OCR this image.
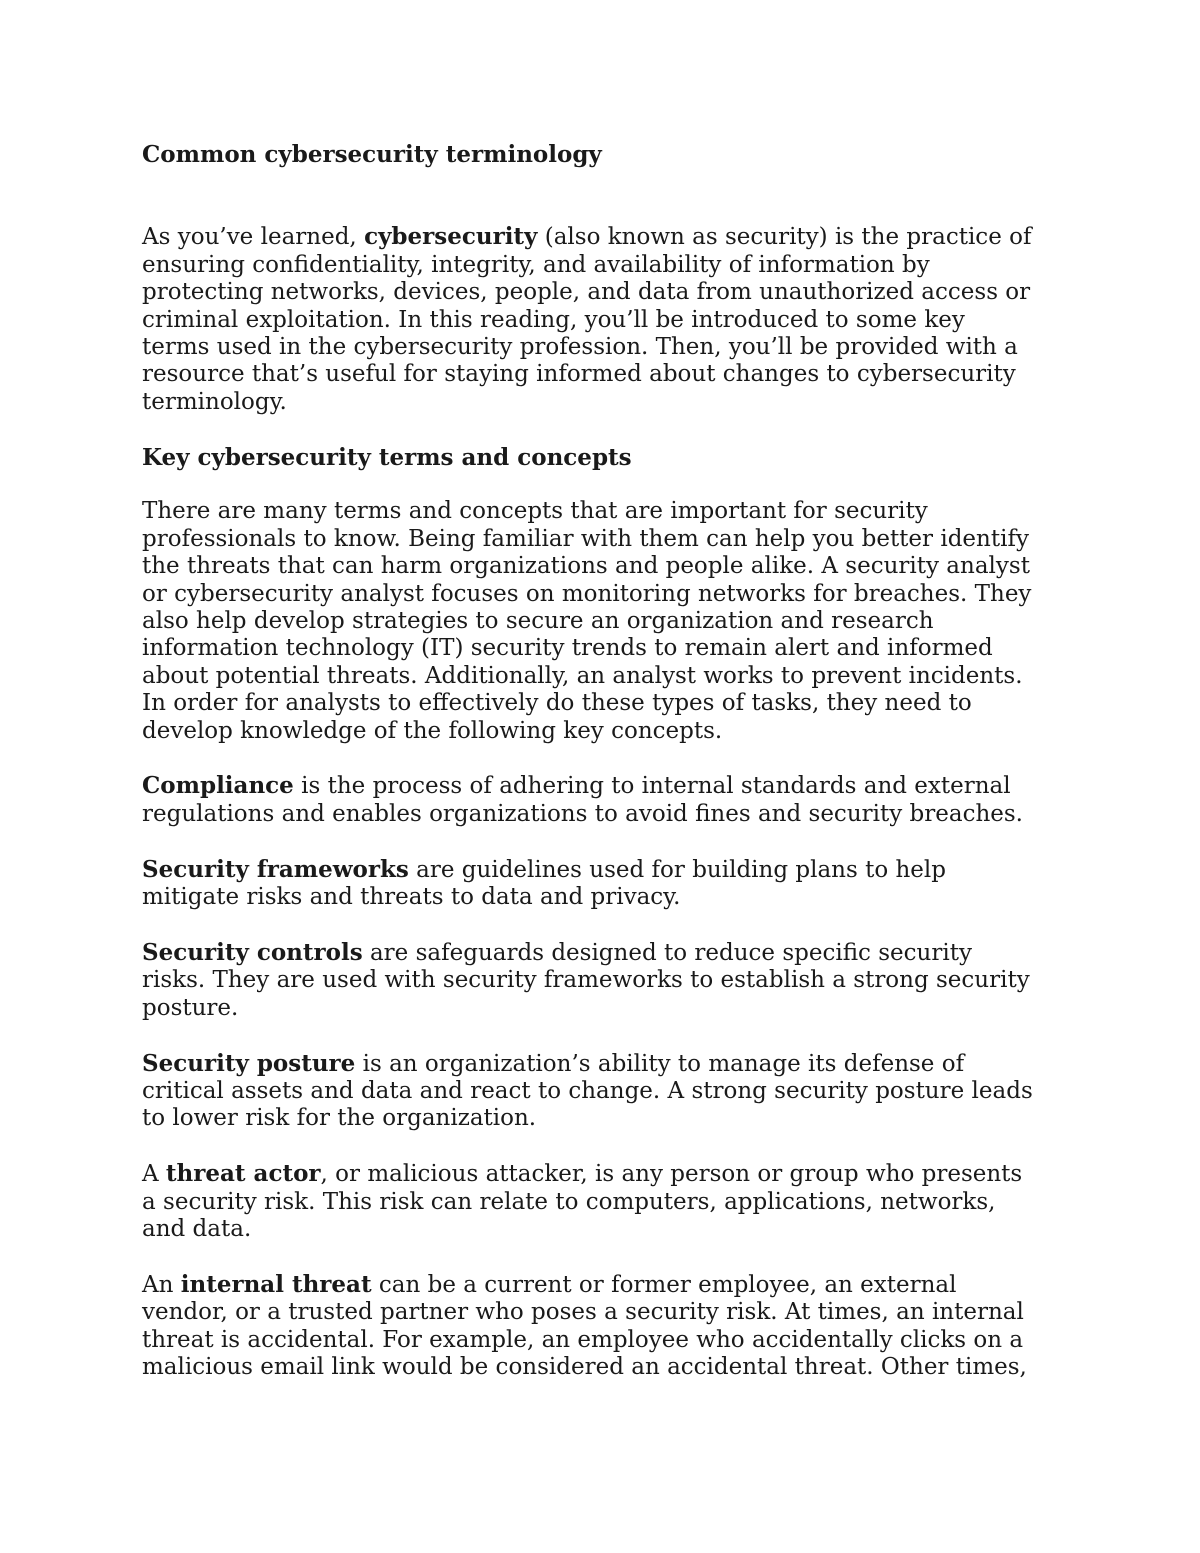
Common cybersecurity terminology
As you’ve learned, cybersecurity (also known as security) is the practice of
ensuring confidentiality, integrity, and availability of information by
protecting networks, devices, people, and data from unauthorized access or
criminal exploitation. In this reading, you’ll be introduced to some key
terms used in the cybersecurity profession. Then, you’ll be provided with a
resource that’s useful for staying informed about changes to cybersecurity
terminology.
Key cybersecurity terms and concepts
There are many terms and concepts that are important for security
professionals to know. Being familiar with them can help you better identify
the threats that can harm organizations and people alike. A security analyst
or cybersecurity analyst focuses on monitoring networks for breaches. They
also help develop strategies to secure an organization and research
information technology (IT) security trends to remain alert and informed
about potential threats. Additionally, an analyst works to prevent incidents.
In order for analysts to effectively do these types of tasks, they need to
develop knowledge of the following key concepts.
Compliance is the process of adhering to internal standards and external
regulations and enables organizations to avoid fines and security breaches.
Security frameworks are guidelines used for building plans to help
mitigate risks and threats to data and privacy.
Security controls are safeguards designed to reduce specific security
risks. They are used with security frameworks to establish a strong security
posture.
Security posture is an organization’s ability to manage its defense of
critical assets and data and react to change. A strong security posture leads
to lower risk for the organization.
A threat actor, or malicious attacker, is any person or group who presents
a security risk. This risk can relate to computers, applications, networks,
and data.
An internal threat can be a current or former employee, an external
vendor, or a trusted partner who poses a security risk. At times, an internal
threat is accidental. For example, an employee who accidentally clicks on a
malicious email link would be considered an accidental threat. Other times,
